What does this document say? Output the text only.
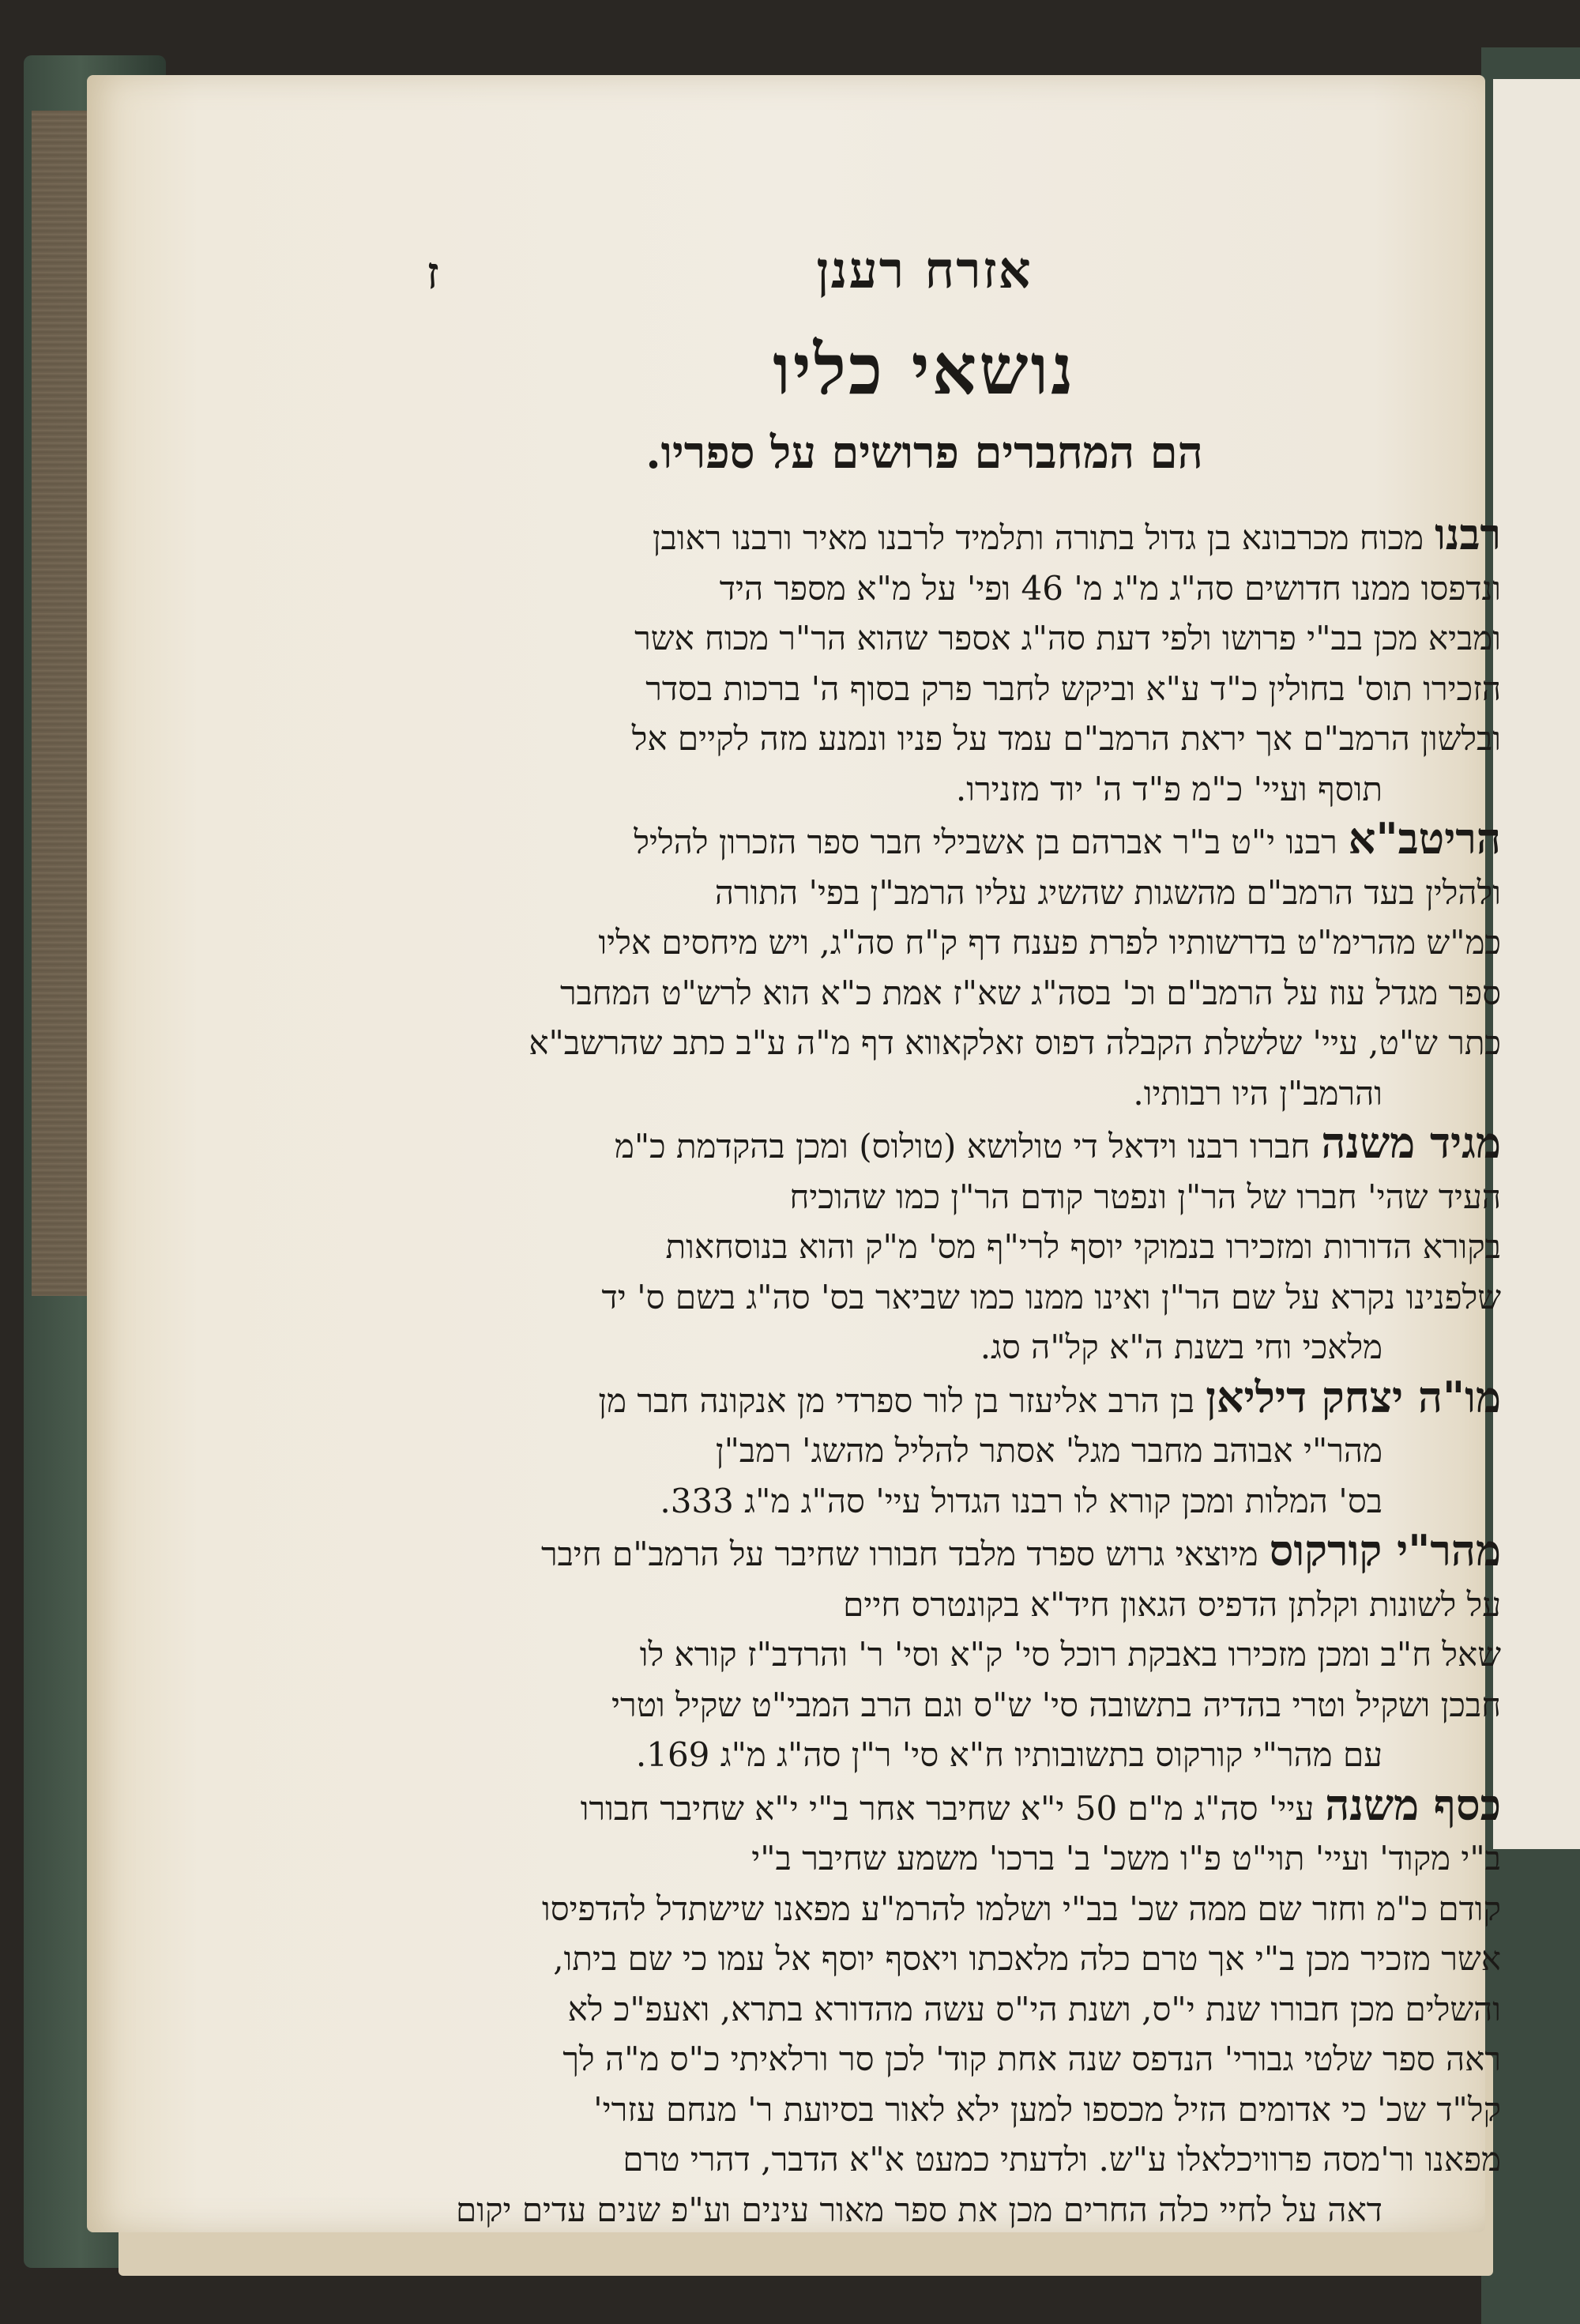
אזרח רענן
ז
נושאי כליו
הם המחברים פרושים על ספריו.
רבנומכוח מכרבונא בן גדול בתורה ותלמיד לרבנו מאיר ורבנו ראובן
ונדפסו ממנו חדושים סה"ג מ"ג מ' 46 ופי' על מ"א מספר היד
ומביא מכן בב"י פרושו ולפי דעת סה"ג אספר שהוא הר"ר מכוח אשר
הזכירו תוס' בחולין כ"ד ע"א וביקש לחבר פרק בסוף ה' ברכות בסדר
ובלשון הרמב"ם אך יראת הרמב"ם עמד על פניו ונמנע מזה לקיים אל
תוסף ועיי' כ"מ פ"ד ה' יוד מזנירו.
הריטב"ארבנו י"ט ב"ר אברהם בן אשבילי חבר ספר הזכרון להליל
ולהלין בעד הרמב"ם מהשגות שהשיג עליו הרמב"ן בפי' התורה
כמ"ש מהרימ"ט בדרשותיו לפרת פענח דף ק"ח סה"ג, ויש מיחסים אליו
ספר מגדל עוז על הרמב"ם וכ' בסה"ג שא"ז אמת כ"א הוא לרש"ט המחבר
כתר ש"ט, עיי' שלשלת הקבלה דפוס זאלקאווא דף מ"ה ע"ב כתב שהרשב"א
והרמב"ן היו רבותיו.
מגיד משנהחברו רבנו וידאל די טולושא (טולוס) ומכן בהקדמת כ"מ
העיד שהי' חברו של הר"ן ונפטר קודם הר"ן כמו שהוכיח
בקורא הדורות ומזכירו בנמוקי יוסף לרי"ף מס' מ"ק והוא בנוסחאות
שלפנינו נקרא על שם הר"ן ואינו ממנו כמו שביאר בס' סה"ג בשם ס' יד
מלאכי וחי בשנת ה"א קל"ה סג.
מו"ה יצחק דיליאןבן הרב אליעזר בן לור ספרדי מן אנקונה חבר מן
מהר"י אבוהב מחבר מגל' אסתר להליל מהשג' רמב"ן
בס' המלות ומכן קורא לו רבנו הגדול עיי' סה"ג מ"ג 333.
מהר"י קורקוסמיוצאי גרוש ספרד מלבד חבורו שחיבר על הרמב"ם חיבר
על לשונות וקלתן הדפיס הגאון חיד"א בקונטרס חיים
שאל ח"ב ומכן מזכירו באבקת רוכל סי' ק"א וסי' ר' והרדב"ז קורא לו
חבכן ושקיל וטרי בהדיה בתשובה סי' ש"ס וגם הרב המבי"ט שקיל וטרי
עם מהר"י קורקוס בתשובותיו ח"א סי' ר"ן סה"ג מ"ג 169.
כסף משנהעיי' סה"ג מ"ם 50 י"א שחיבר אחר ב"י י"א שחיבר חבורו
ב"י מקוד' ועיי' תוי"ט פ"ו משכ' ב' ברכו' משמע שחיבר ב"י
קודם כ"מ וחזר שם ממה שכ' בב"י ושלמו להרמ"ע מפאנו שישתדל להדפיסו
אשר מזכיר מכן ב"י אך טרם כלה מלאכתו ויאסף יוסף אל עמו כי שם ביתו,
והשלים מכן חבורו שנת י"ס, ושנת הי"ס עשה מהדורא בתרא, ואעפ"כ לא
ראה ספר שלטי גבורי' הנדפס שנה אחת קוד' לכן סר ורלאיתי כ"ס מ"ה לך
קל"ד שכ' כי אדומים הזיל מכספו למען ילא לאור בסיועת ר' מנחם עזרי'
מפאנו ור'מסה פרוויכלאלו ע"ש. ולדעתי כמעט א"א הדבר, דהרי טרם
דאה על לחיי כלה החרים מכן את ספר מאור עינים וע"פ שנים עדים יקום
